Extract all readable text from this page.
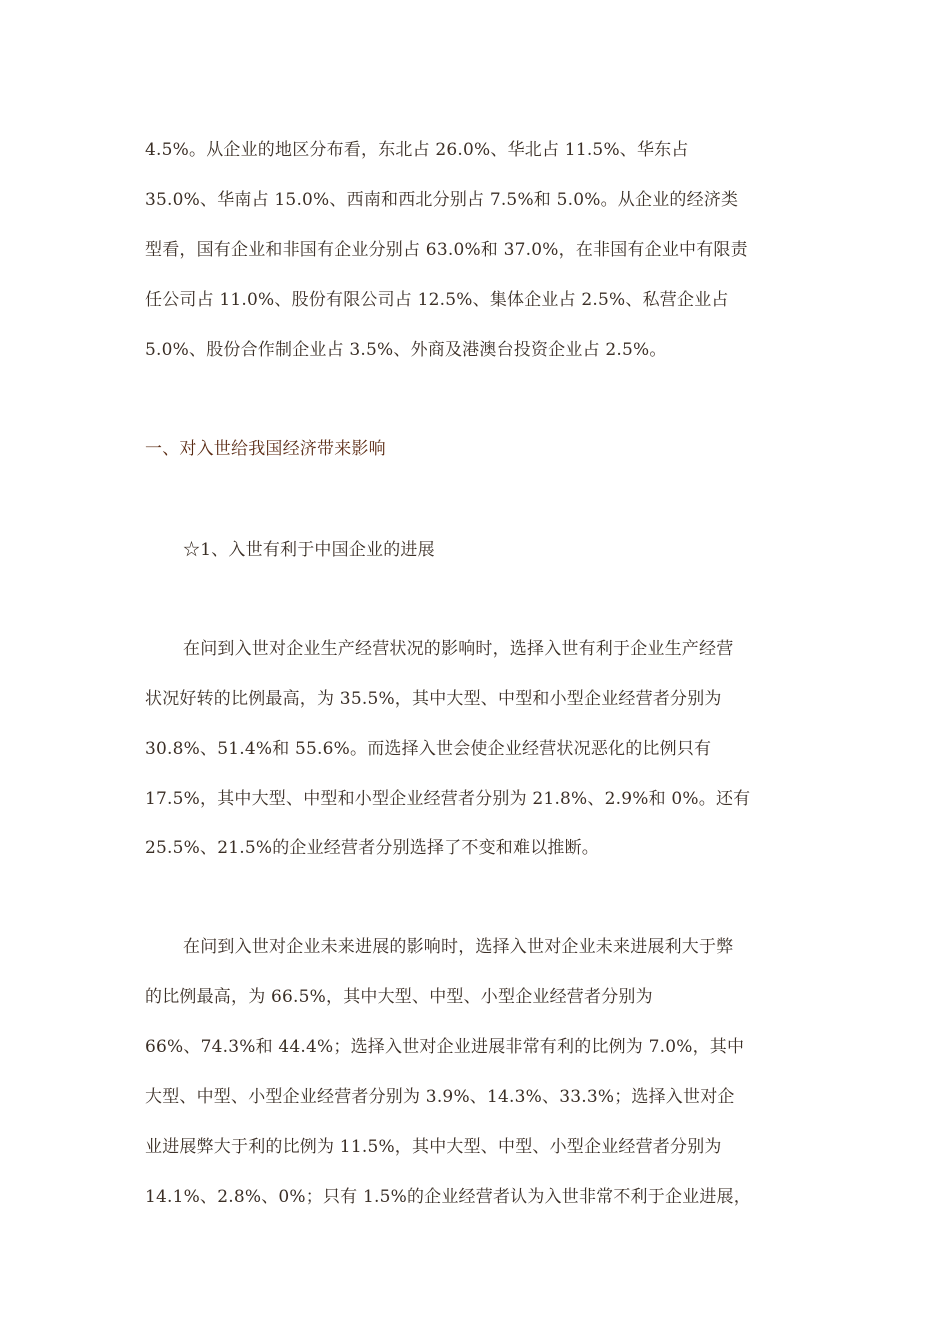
4.5%。从企业的地区分布看，东北占 26.0%、华北占 11.5%、华东占
35.0%、华南占 15.0%、西南和西北分别占 7.5%和 5.0%。从企业的经济类
型看，国有企业和非国有企业分别占 63.0%和 37.0%，在非国有企业中有限责
任公司占 11.0%、股份有限公司占 12.5%、集体企业占 2.5%、私营企业占
5.0%、股份合作制企业占 3.5%、外商及港澳台投资企业占 2.5%。
一、对入世给我国经济带来影响
☆1、入世有利于中国企业的进展
在问到入世对企业生产经营状况的影响时，选择入世有利于企业生产经营
状况好转的比例最高，为 35.5%，其中大型、中型和小型企业经营者分别为
30.8%、51.4%和 55.6%。而选择入世会使企业经营状况恶化的比例只有
17.5%，其中大型、中型和小型企业经营者分别为 21.8%、2.9%和 0%。还有
25.5%、21.5%的企业经营者分别选择了不变和难以推断。
在问到入世对企业未来进展的影响时，选择入世对企业未来进展利大于弊
的比例最高，为 66.5%，其中大型、中型、小型企业经营者分别为
66%、74.3%和 44.4%；选择入世对企业进展非常有利的比例为 7.0%，其中
大型、中型、小型企业经营者分别为 3.9%、14.3%、33.3%；选择入世对企
业进展弊大于利的比例为 11.5%，其中大型、中型、小型企业经营者分别为
14.1%、2.8%、0%；只有 1.5%的企业经营者认为入世非常不利于企业进展，
